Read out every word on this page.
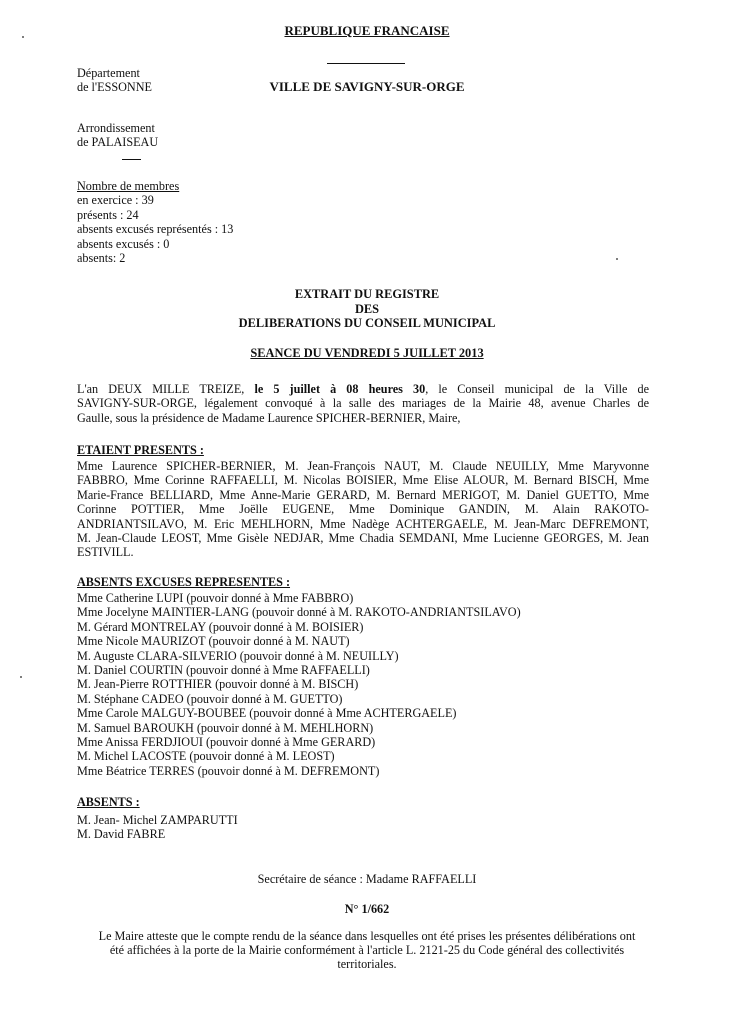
REPUBLIQUE FRANCAISE
Département
de l'ESSONNE	VILLE DE SAVIGNY-SUR-ORGE
Arrondissement
de PALAISEAU
Nombre de membres
en exercice : 39
présents : 24
absents excusés représentés : 13
absents excusés : 0
absents: 2
EXTRAIT DU REGISTRE
DES
DELIBERATIONS DU CONSEIL MUNICIPAL
SEANCE DU VENDREDI 5 JUILLET 2013
L'an DEUX MILLE TREIZE, le 5 juillet à 08 heures 30, le Conseil municipal de la Ville de
SAVIGNY-SUR-ORGE, légalement convoqué à la salle des mariages de la Mairie 48, avenue Charles de
Gaulle, sous la présidence de Madame Laurence SPICHER-BERNIER, Maire,
ETAIENT PRESENTS :
Mme Laurence SPICHER-BERNIER, M. Jean-François NAUT, M. Claude NEUILLY, Mme Maryvonne
FABBRO, Mme Corinne RAFFAELLI, M. Nicolas BOISIER, Mme Elise ALOUR, M. Bernard BISCH, Mme
Marie-France BELLIARD, Mme Anne-Marie GERARD, M. Bernard MERIGOT, M. Daniel GUETTO, Mme
Corinne POTTIER, Mme Joëlle EUGENE, Mme Dominique GANDIN, M. Alain RAKOTO-
ANDRIANTSILAVO, M. Eric MEHLHORN, Mme Nadège ACHTERGAELE, M. Jean-Marc DEFREMONT,
M. Jean-Claude LEOST, Mme Gisèle NEDJAR, Mme Chadia SEMDANI, Mme Lucienne GEORGES, M. Jean
ESTIVILL.
ABSENTS EXCUSES REPRESENTES :
Mme Catherine LUPI (pouvoir donné à Mme FABBRO)
Mme Jocelyne MAINTIER-LANG (pouvoir donné à M. RAKOTO-ANDRIANTSILAVO)
M. Gérard MONTRELAY (pouvoir donné à M. BOISIER)
Mme Nicole MAURIZOT (pouvoir donné à M. NAUT)
M. Auguste CLARA-SILVERIO (pouvoir donné à M. NEUILLY)
M. Daniel COURTIN (pouvoir donné à Mme RAFFAELLI)
M. Jean-Pierre ROTTHIER (pouvoir donné à M. BISCH)
M. Stéphane CADEO (pouvoir donné à M. GUETTO)
Mme Carole MALGUY-BOUBEE (pouvoir donné à Mme ACHTERGAELE)
M. Samuel BAROUKH (pouvoir donné à M. MEHLHORN)
Mme Anissa FERDJIOUI (pouvoir donné à Mme GERARD)
M. Michel LACOSTE (pouvoir donné à M. LEOST)
Mme Béatrice TERRES (pouvoir donné à M. DEFREMONT)
ABSENTS :
M. Jean- Michel ZAMPARUTTI
M. David FABRE
Secrétaire de séance : Madame RAFFAELLI
N° 1/662
Le Maire atteste que le compte rendu de la séance dans lesquelles ont été prises les présentes délibérations ont
été affichées à la porte de la Mairie conformément à l'article L. 2121-25 du Code général des collectivités
territoriales.
